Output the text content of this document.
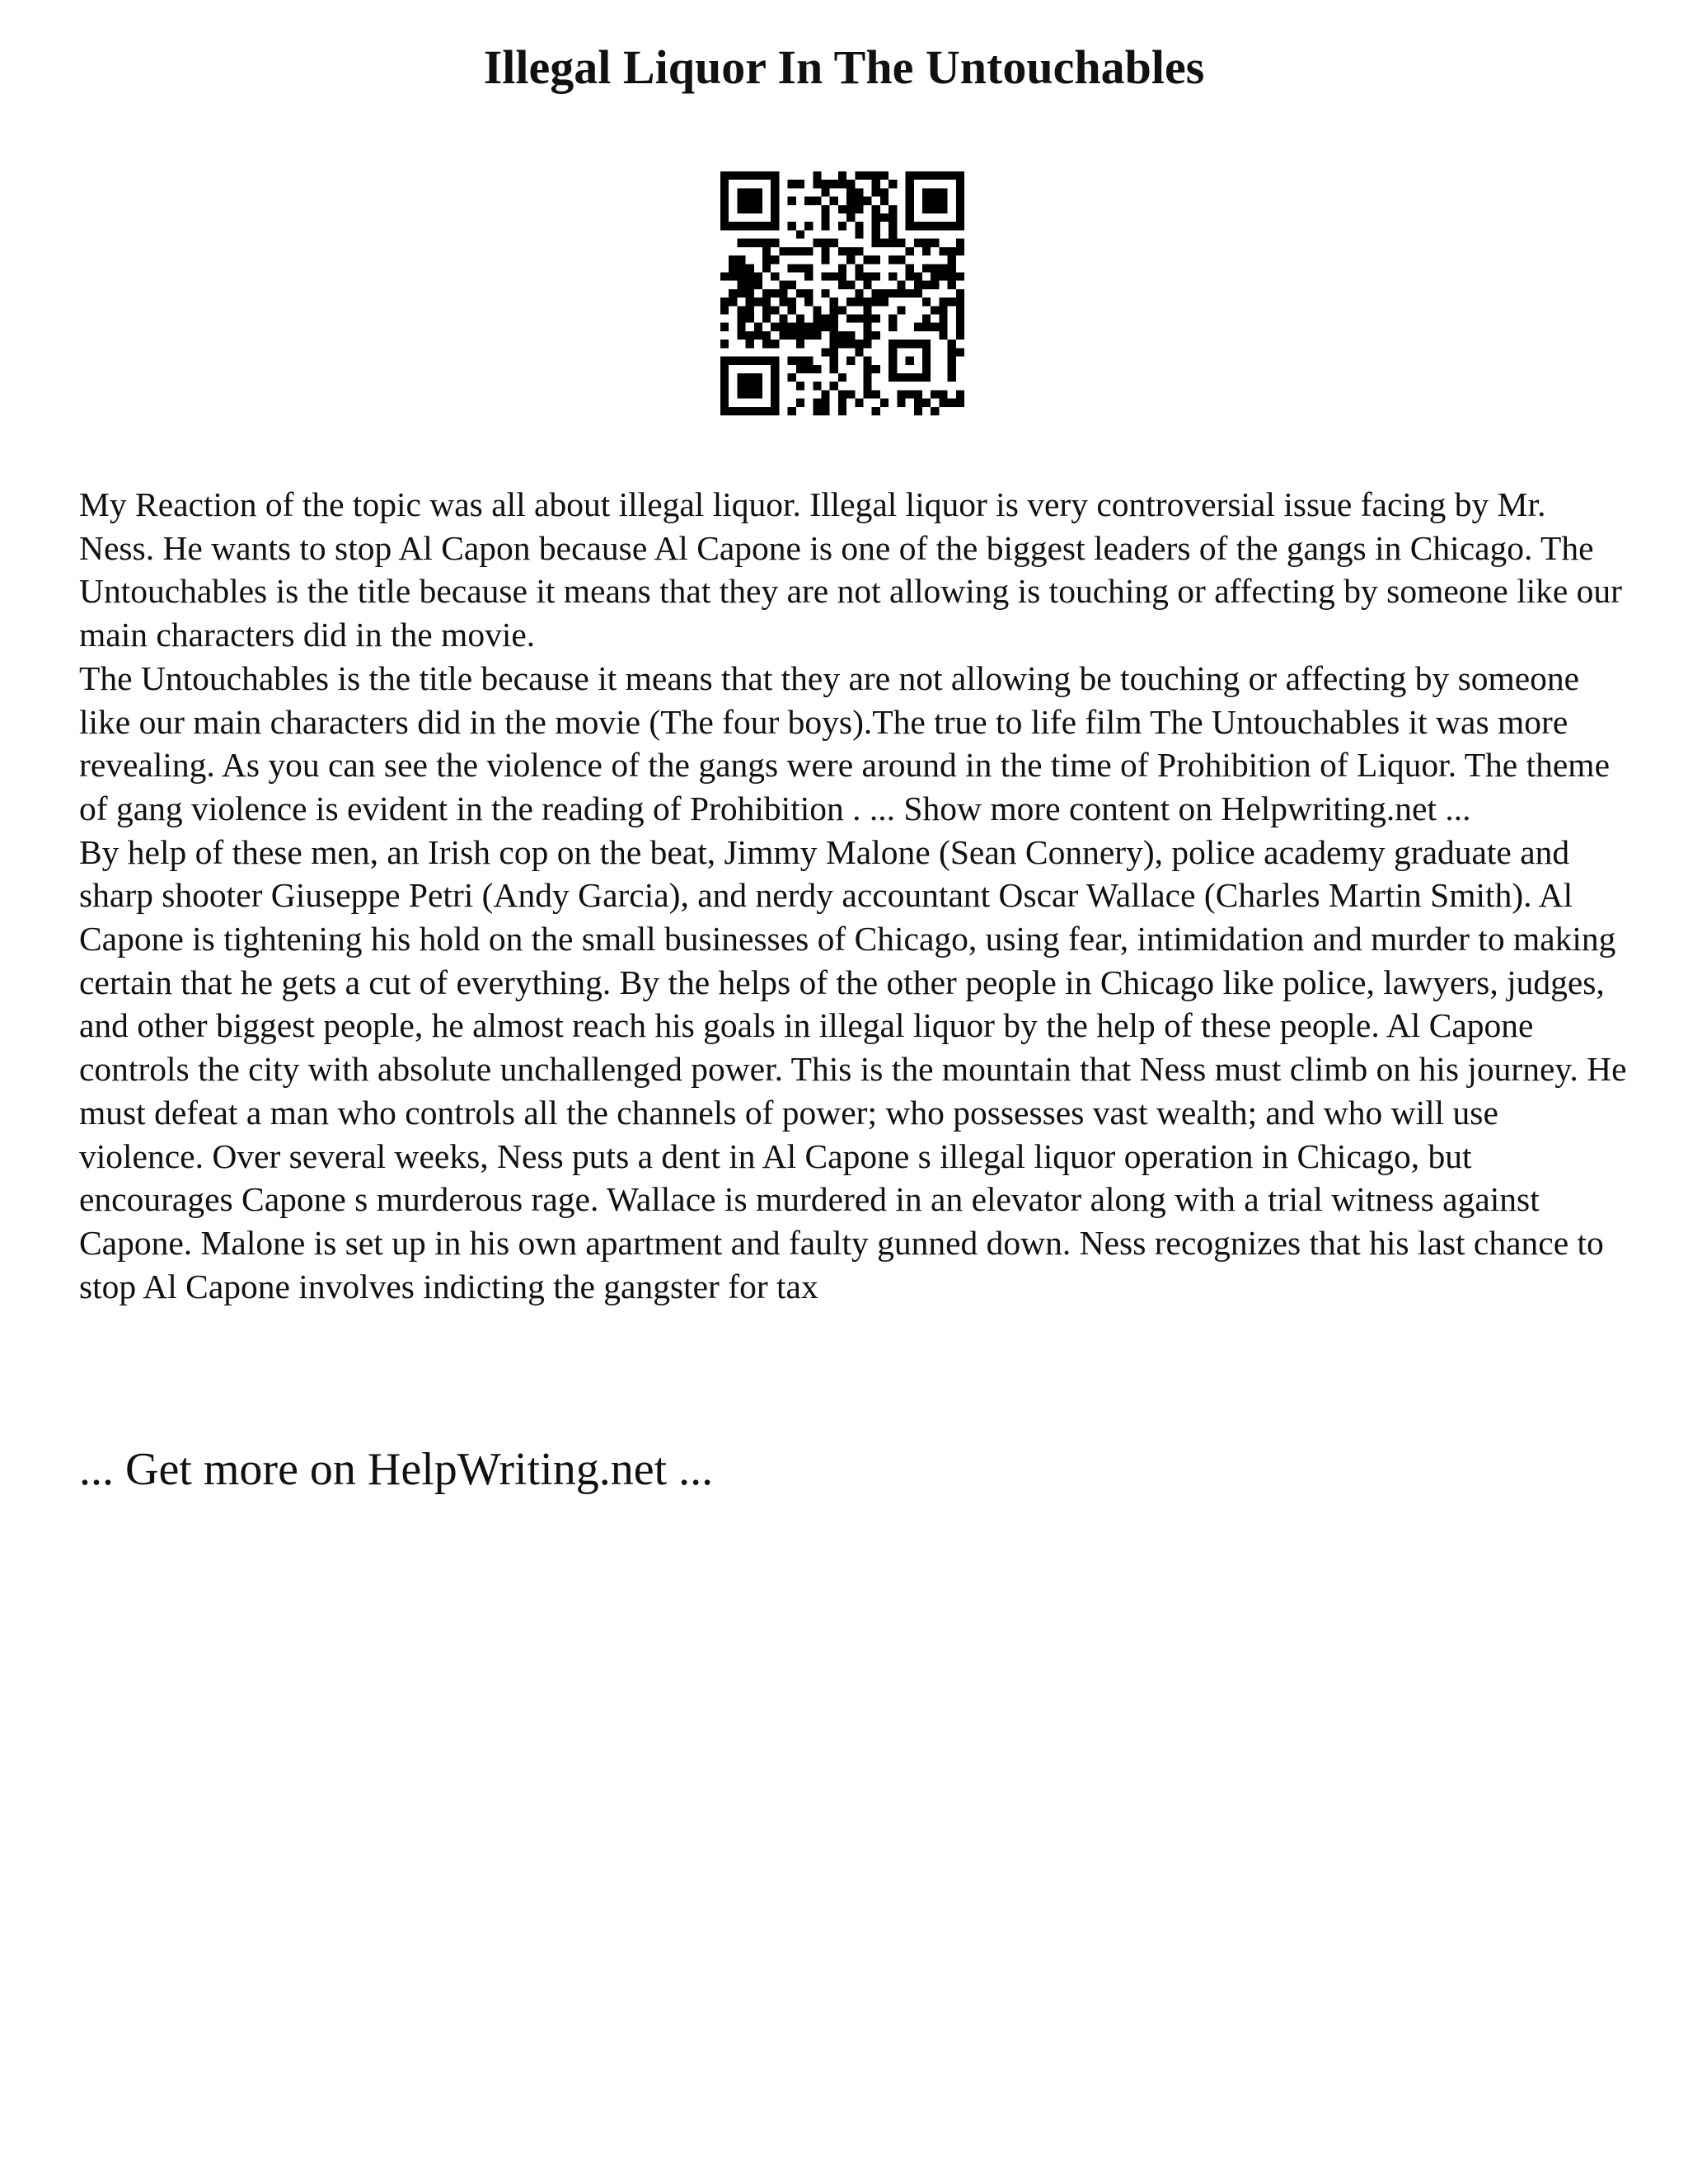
Illegal Liquor In The Untouchables

My Reaction of the topic was all about illegal liquor. Illegal liquor is very controversial issue facing by Mr. Ness. He wants to stop Al Capon because Al Capone is one of the biggest leaders of the gangs in Chicago. The Untouchables is the title because it means that they are not allowing is touching or affecting by someone like our main characters did in the movie.

The Untouchables is the title because it means that they are not allowing be touching or affecting by someone like our main characters did in the movie (The four boys).The true to life film The Untouchables it was more revealing. As you can see the violence of the gangs were around in the time of Prohibition of Liquor. The theme of gang violence is evident in the reading of Prohibition . ... Show more content on Helpwriting.net ...

By help of these men, an Irish cop on the beat, Jimmy Malone (Sean Connery), police academy graduate and sharp shooter Giuseppe Petri (Andy Garcia), and nerdy accountant Oscar Wallace (Charles Martin Smith). Al Capone is tightening his hold on the small businesses of Chicago, using fear, intimidation and murder to making certain that he gets a cut of everything. By the helps of the other people in Chicago like police, lawyers, judges, and other biggest people, he almost reach his goals in illegal liquor by the help of these people. Al Capone controls the city with absolute unchallenged power. This is the mountain that Ness must climb on his journey. He must defeat a man who controls all the channels of power; who possesses vast wealth; and who will use violence. Over several weeks, Ness puts a dent in Al Capone s illegal liquor operation in Chicago, but encourages Capone s murderous rage. Wallace is murdered in an elevator along with a trial witness against Capone. Malone is set up in his own apartment and faulty gunned down. Ness recognizes that his last chance to stop Al Capone involves indicting the gangster for tax

... Get more on HelpWriting.net ...
